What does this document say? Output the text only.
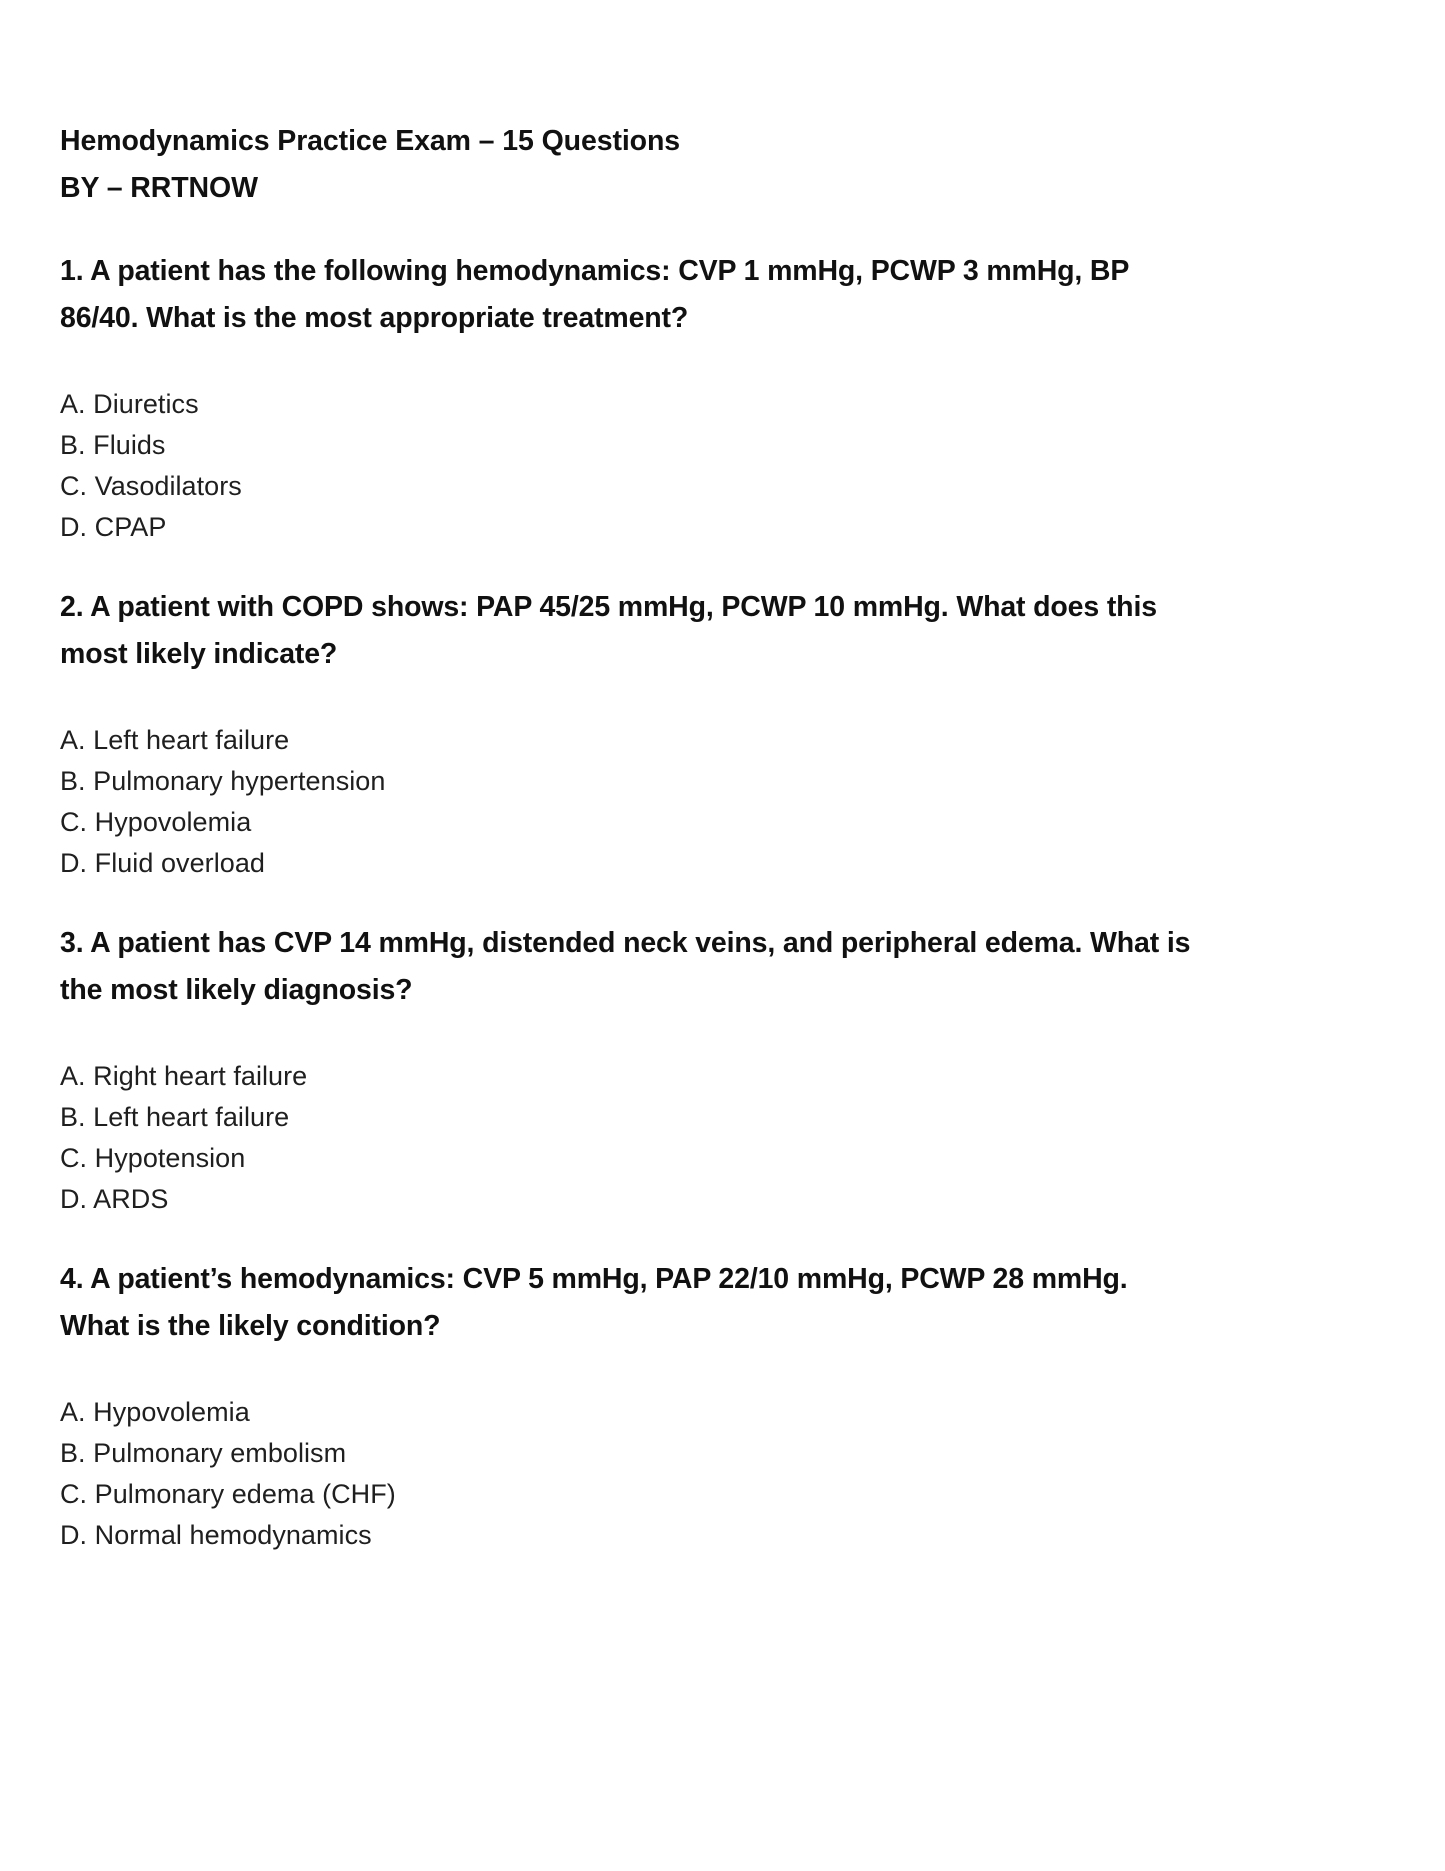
Hemodynamics Practice Exam – 15 Questions
BY – RRTNOW
1. A patient has the following hemodynamics: CVP 1 mmHg, PCWP 3 mmHg, BP 86/40. What is the most appropriate treatment?
A. Diuretics
B. Fluids
C. Vasodilators
D. CPAP
2. A patient with COPD shows: PAP 45/25 mmHg, PCWP 10 mmHg. What does this most likely indicate?
A. Left heart failure
B. Pulmonary hypertension
C. Hypovolemia
D. Fluid overload
3. A patient has CVP 14 mmHg, distended neck veins, and peripheral edema. What is the most likely diagnosis?
A. Right heart failure
B. Left heart failure
C. Hypotension
D. ARDS
4. A patient’s hemodynamics: CVP 5 mmHg, PAP 22/10 mmHg, PCWP 28 mmHg. What is the likely condition?
A. Hypovolemia
B. Pulmonary embolism
C. Pulmonary edema (CHF)
D. Normal hemodynamics
